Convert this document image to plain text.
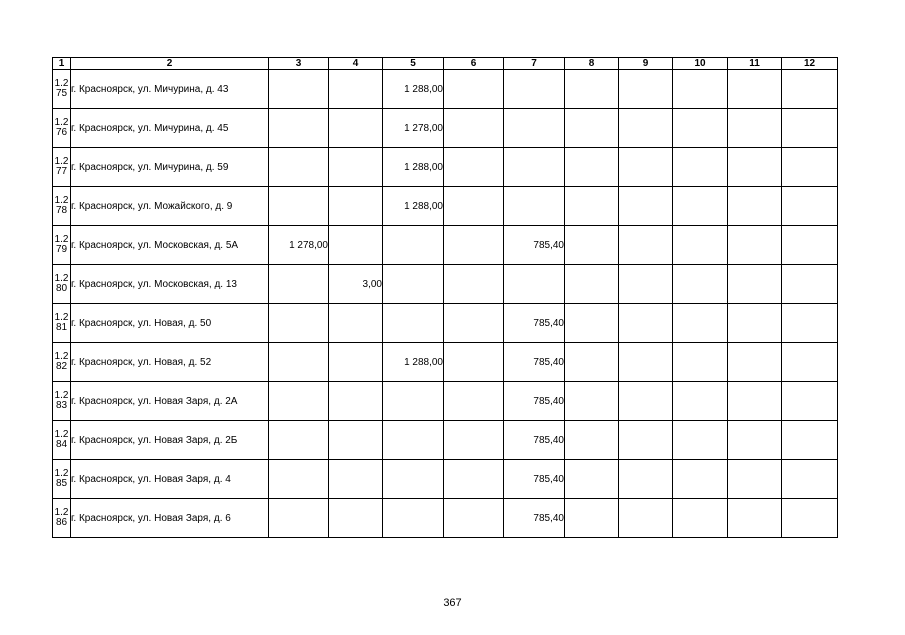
1	2	3	4	5	6	7	8	9	10	11	12

1.2
75	г. Красноярск, ул. Мичурина, д. 43			1 288,00							

1.2
76	г. Красноярск, ул. Мичурина, д. 45			1 278,00							

1.2
77	г. Красноярск, ул. Мичурина, д. 59			1 288,00							

1.2
78	г. Красноярск, ул. Можайского, д. 9			1 288,00							

1.2
79	г. Красноярск, ул. Московская, д. 5А	1 278,00				785,40					

1.2
80	г. Красноярск, ул. Московская, д. 13		3,00								

1.2
81	г. Красноярск, ул. Новая, д. 50					785,40					

1.2
82	г. Красноярск, ул. Новая, д. 52			1 288,00		785,40					

1.2
83	г. Красноярск, ул. Новая Заря, д. 2А					785,40					

1.2
84	г. Красноярск, ул. Новая Заря, д. 2Б					785,40					

1.2
85	г. Красноярск, ул. Новая Заря, д. 4					785,40					

1.2
86	г. Красноярск, ул. Новая Заря, д. 6					785,40					
367
